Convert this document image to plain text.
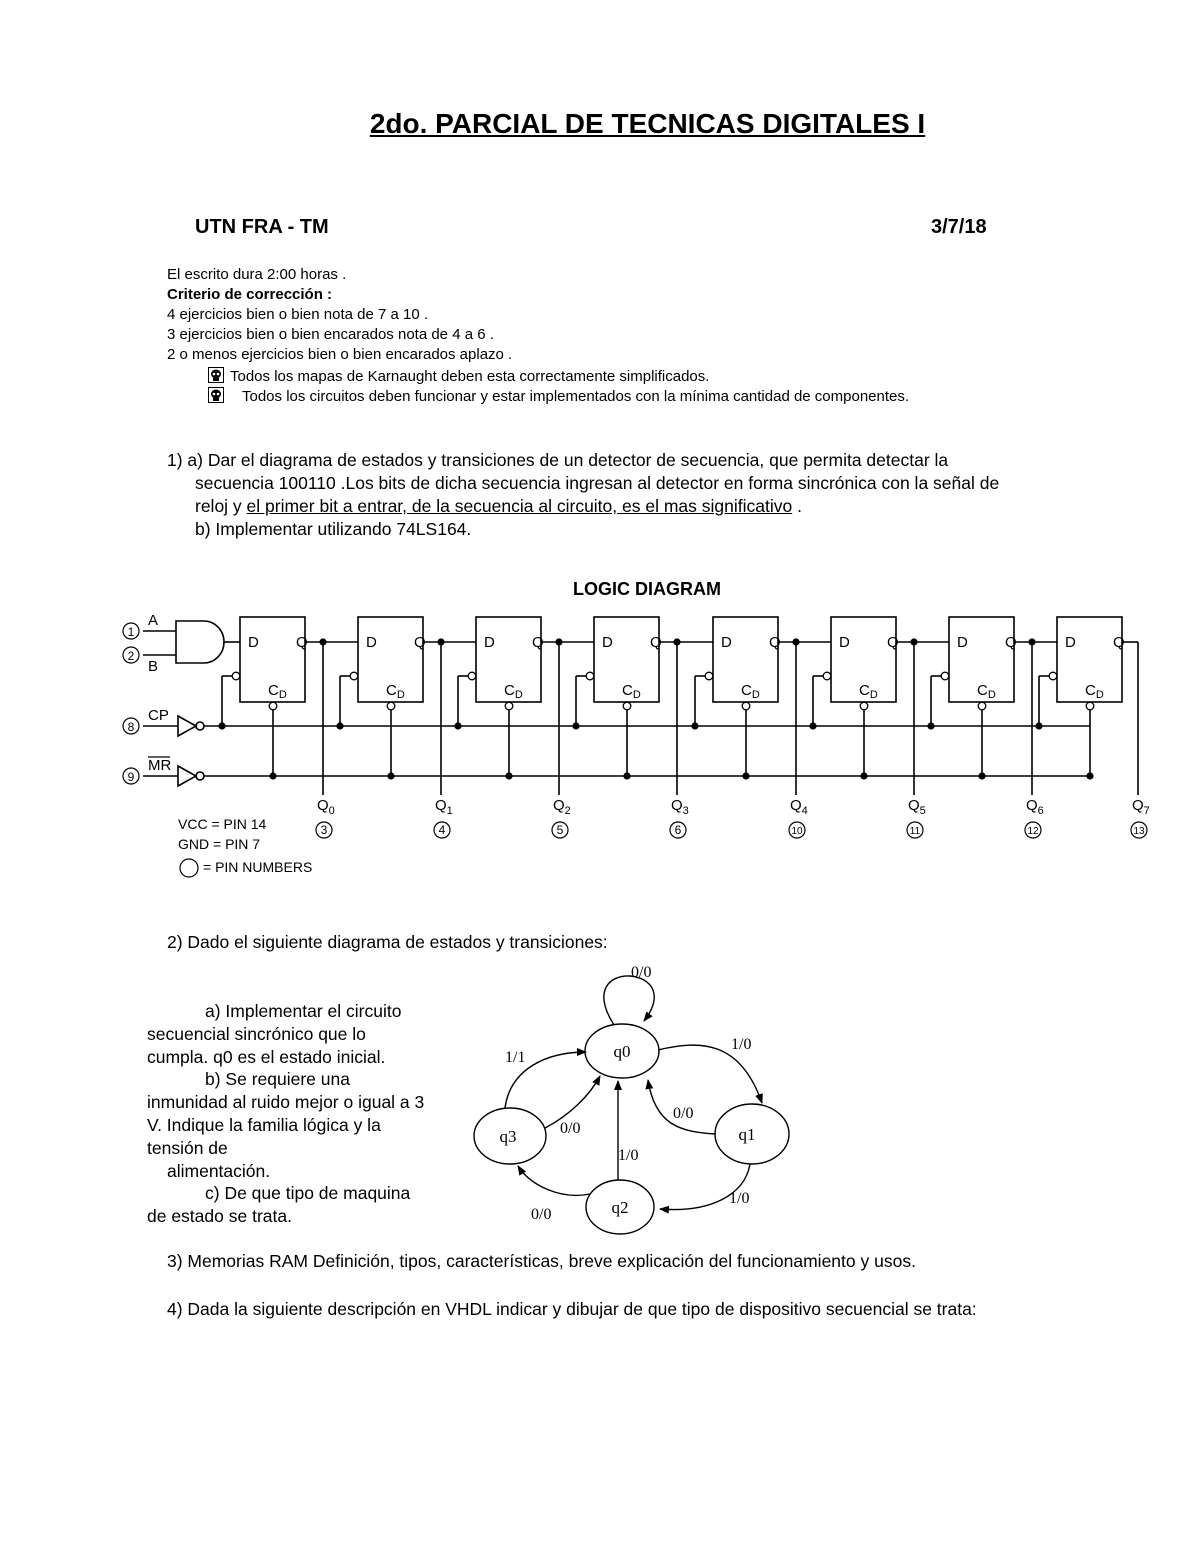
2do. PARCIAL DE TECNICAS DIGITALES I
UTN FRA - TM	3/7/18
El escrito dura 2:00 horas .
Criterio de corrección :
4 ejercicios bien o bien nota de 7 a 10 .
3 ejercicios bien o bien encarados nota de 4 a 6 .
2 o menos ejercicios bien o bien encarados aplazo .
Todos los mapas de Karnaught deben esta correctamente simplificados.
Todos los circuitos deben funcionar y estar implementados con la mínima cantidad de componentes.
1) a) Dar el diagrama de estados y transiciones de un detector de secuencia, que permita detectar la
secuencia 100110 .Los bits de dicha secuencia ingresan al detector en forma sincrónica con la señal de
reloj y el primer bit a entrar, de la secuencia al circuito, es el mas significativo .
b) Implementar utilizando 74LS164.
D Q
$C_D$
D Q
$C_D$
D Q
$C_D$
D Q
$C_D$
D Q
$C_D$
D Q
$C_D$
D Q
$C_D$
D Q
$C_D$
$Q_0$
3
$Q_1$
4
$Q_2$
5
$Q_3$
6
$Q_4$
10
$Q_5$
11
$Q_6$
12
$Q_7$
13
1
A
2
B
8
CP
9
MR
LOGIC DIAGRAM
VCC = PIN 14
GND = PIN 7
= PIN NUMBERS
2) Dado el siguiente diagrama de estados y transiciones:
a) Implementar el circuito
secuencial sincrónico que lo
cumpla. q0 es el estado inicial.
b) Se requiere una
inmunidad al ruido mejor o igual a 3
V. Indique la familia lógica y la
tensión de
alimentación.
c) De que tipo de maquina
de estado se trata.
q0
q1
q2
q3
0/0
1/0
0/0
1/0
1/0
0/0
0/0
1/1
3) Memorias RAM Definición, tipos, características, breve explicación del funcionamiento y usos.
4) Dada la siguiente descripción en VHDL indicar y dibujar de que tipo de dispositivo secuencial se trata:
